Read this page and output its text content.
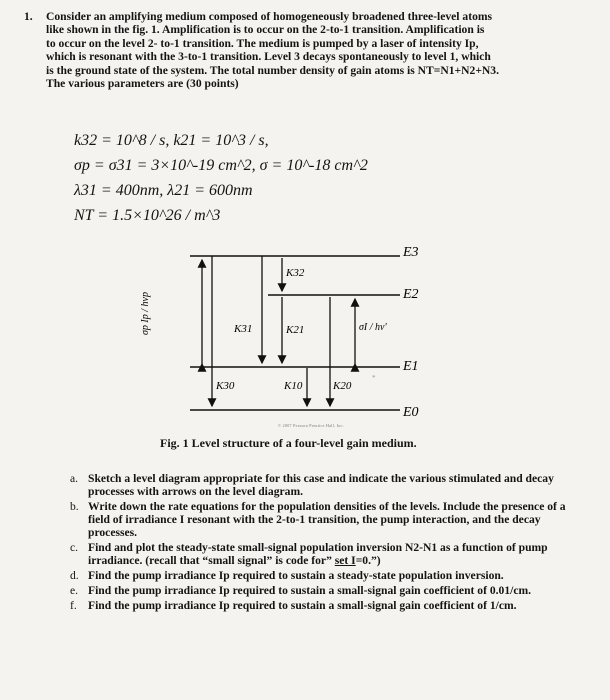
1. Consider an amplifying medium composed of homogeneously broadened three-level atoms
like shown in the fig. 1. Amplification is to occur on the 2-to-1 transition. Amplification is
to occur on the level 2- to-1 transition. The medium is pumped by a laser of intensity Ip,
which is resonant with the 3-to-1 transition. Level 3 decays spontaneously to level 1, which
is the ground state of the system. The total number density of gain atoms is NT=N1+N2+N3.
The various parameters are (30 points)
k32 = 10^8 / s, k21 = 10^3 / s,
σp = σ31 = 3×10^-19 cm^2, σ = 10^-18 cm^2
λ31 = 400nm, λ21 = 600nm
NT = 1.5×10^26 / m^3
E3
E2
E1
E0
K32
K31	K21
K30	K10	K20
*
σp Ip / hνp	σI / hν'
© 2007 Pearson Prentice Hall, Inc.
Fig. 1 Level structure of a four-level gain medium.
a. Sketch a level diagram appropriate for this case and indicate the various stimulated and decay processes with arrows on the level diagram.
b. Write down the rate equations for the population densities of the levels. Include the presence of a field of irradiance I resonant with the 2-to-1 transition, the pump interaction, and the decay processes.
c. Find and plot the steady-state small-signal population inversion N2-N1 as a function of pump irradiance. (recall that “small signal” is code for” set I=0.”)
d. Find the pump irradiance Ip required to sustain a steady-state population inversion.
e. Find the pump irradiance Ip required to sustain a small-signal gain coefficient of 0.01/cm.
f. Find the pump irradiance Ip required to sustain a small-signal gain coefficient of 1/cm.
